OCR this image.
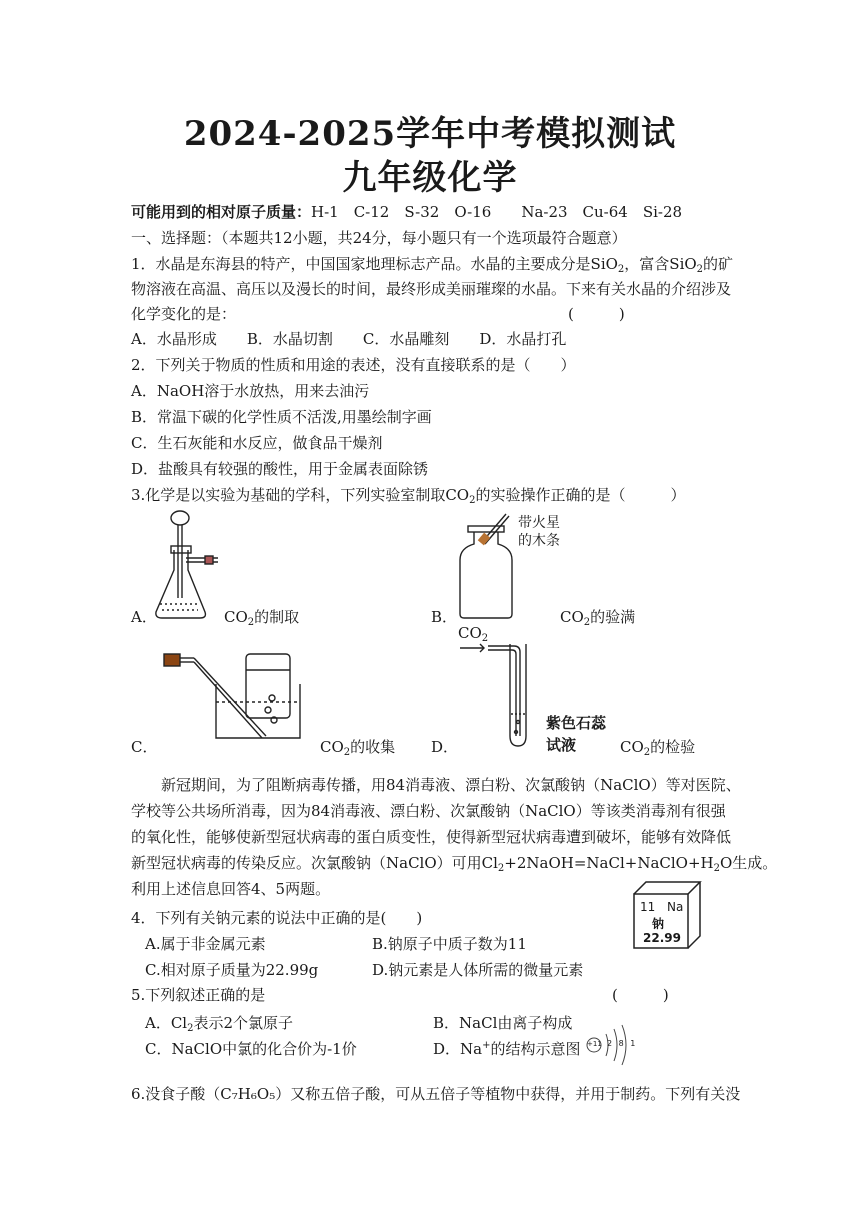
2024-2025学年中考模拟测试
九年级化学
可能用到的相对原子质量：H-1　C-12　S-32　O-16　　Na-23　Cu-64　Si-28
一、选择题：（本题共12小题，共24分，每小题只有一个选项最符合题意）
1．水晶是东海县的特产，中国国家地理标志产品。水晶的主要成分是SiO$_2$，富含SiO$_2$的矿
物溶液在高温、高压以及漫长的时间，最终形成美丽璀璨的水晶。下来有关水晶的介绍涉及
化学变化的是：	(　　　)
A．水晶形成　　B．水晶切割　　C．水晶雕刻　　D．水晶打孔
2．下列关于物质的性质和用途的表述，没有直接联系的是（　　）
A．NaOH溶于水放热，用来去油污
B．常温下碳的化学性质不活泼,用墨绘制字画
C．生石灰能和水反应，做食品干燥剂
D．盐酸具有较强的酸性，用于金属表面除锈
3.化学是以实验为基础的学科，下列实验室制取$CO_2$的实验操作正确的是（　　　）
A．	$CO_2$的制取
带火星
的木条
B．	$CO_2$的验满
C．	$CO_2$的收集
$CO_2$
紫色石蕊
试液
D．	$CO_2$的检验
新冠期间，为了阻断病毒传播，用84消毒液、漂白粉、次氯酸钠（NaClO）等对医院、
学校等公共场所消毒，因为84消毒液、漂白粉、次氯酸钠（NaClO）等该类消毒剂有很强
的氧化性，能够使新型冠状病毒的蛋白质变性，使得新型冠状病毒遭到破坏，能够有效降低
新型冠状病毒的传染反应。次氯酸钠（NaClO）可用$Cl_2+2NaOH=NaCl+NaClO+H_2O$生成。
利用上述信息回答4、5两题。
4．下列有关钠元素的说法中正确的是(　　)
A.属于非金属元素	B.钠原子中质子数为11
C.相对原子质量为22.99g	D.钠元素是人体所需的微量元素
11 Na
钠
22.99
5.下列叙述正确的是	(　　　)
A．$Cl_2$表示2个氯原子	B．NaCl由离子构成
C．NaClO中氯的化合价为-1价	D．Na+的结构示意图 +11 2 8 1
6.没食子酸（C₇H₆O₅）又称五倍子酸，可从五倍子等植物中获得，并用于制药。下列有关没
